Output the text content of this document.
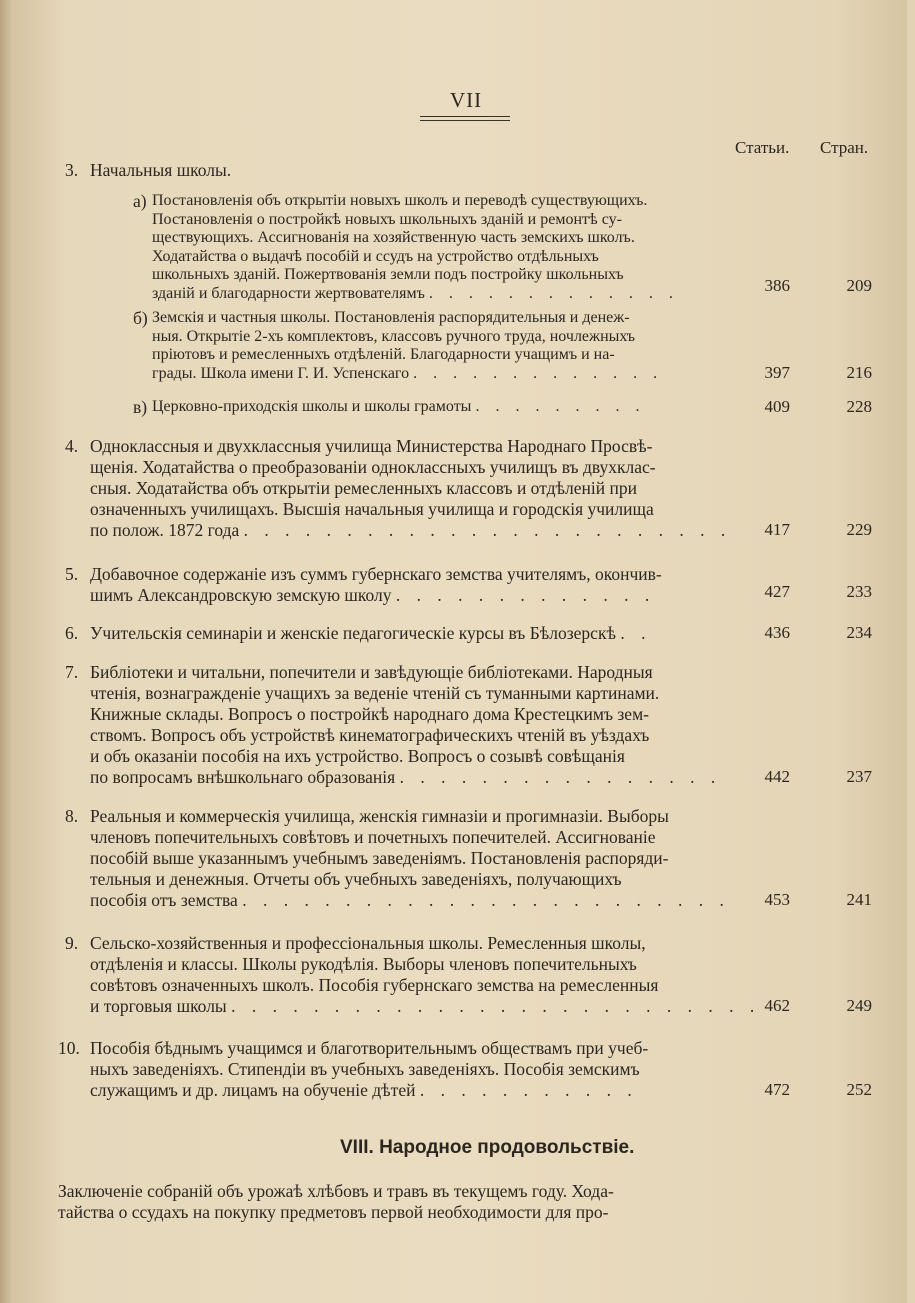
VII
Статьи. Стран.
3. Начальныя школы.
а) Постановленія объ открытіи новыхъ школъ и переводѣ существующихъ.
Постановленія о постройкѣ новыхъ школьныхъ зданій и ремонтѣ су-
ществующихъ. Ассигнованія на хозяйственную часть земскихъ школъ.
Ходатайства о выдачѣ пособій и ссудъ на устройство отдѣльныхъ
школьныхъ зданій. Пожертвованія земли подъ постройку школьныхъ
зданій и благодарности жертвователямъ . . . . . . . . . . . . .	386	209
б) Земскія и частныя школы. Постановленія распорядительныя и денеж-
ныя. Открытіе 2-хъ комплектовъ, классовъ ручного труда, ночлежныхъ
пріютовъ и ремесленныхъ отдѣленій. Благодарности учащимъ и на-
грады. Школа имени Г. И. Успенскаго . . . . . . . . . . . . .	397	216
в) Церковно-приходскія школы и школы грамоты . . . . . . . . .	409	228
4. Одноклассныя и двухклассныя училища Министерства Народнаго Просвѣ-
щенія. Ходатайства о преобразованіи одноклассныхъ училищъ въ двухклас-
сныя. Ходатайства объ открытіи ремесленныхъ классовъ и отдѣленій при
означенныхъ училищахъ. Высшія начальныя училища и городскія училища
по полож. 1872 года . . . . . . . . . . . . . . . . . . . . . . . .	417	229
5. Добавочное содержаніе изъ суммъ губернскаго земства учителямъ, окончив-
шимъ Александровскую земскую школу . . . . . . . . . . . . .	427	233
6. Учительскія семинаріи и женскіе педагогическіе курсы въ Бѣлозерскѣ . .	436	234
7. Библіотеки и читальни, попечители и завѣдующіе библіотеками. Народныя
чтенія, вознагражденіе учащихъ за веденіе чтеній съ туманными картинами.
Книжные склады. Вопросъ о постройкѣ народнаго дома Крестецкимъ зем-
ствомъ. Вопросъ объ устройствѣ кинематографическихъ чтеній въ уѣздахъ
и объ оказаніи пособія на ихъ устройство. Вопросъ о созывѣ совѣщанія
по вопросамъ внѣшкольнаго образованія . . . . . . . . . . . . . . . .	442	237
8. Реальныя и коммерческія училища, женскія гимназіи и прогимназіи. Выборы
членовъ попечительныхъ совѣтовъ и почетныхъ попечителей. Ассигнованіе
пособій выше указаннымъ учебнымъ заведеніямъ. Постановленія распоряди-
тельныя и денежныя. Отчеты объ учебныхъ заведеніяхъ, получающихъ
пособія отъ земства . . . . . . . . . . . . . . . . . . . . . . . .	453	241
9. Сельско-хозяйственныя и профессіональныя школы. Ремесленныя школы,
отдѣленія и классы. Школы рукодѣлія. Выборы членовъ попечительныхъ
совѣтовъ означенныхъ школъ. Пособія губернскаго земства на ремесленныя
и торговыя школы . . . . . . . . . . . . . . . . . . . . . . . . . . 462	249
10. Пособія бѣднымъ учащимся и благотворительнымъ обществамъ при учеб-
ныхъ заведеніяхъ. Стипендіи въ учебныхъ заведеніяхъ. Пособія земскимъ
служащимъ и др. лицамъ на обученіе дѣтей . . . . . . . . . . .	472	252
VIII. Народное продовольствіе.
Заключеніе собраній объ урожаѣ хлѣбовъ и травъ въ текущемъ году. Хода-
тайства о ссудахъ на покупку предметовъ первой необходимости для про-
